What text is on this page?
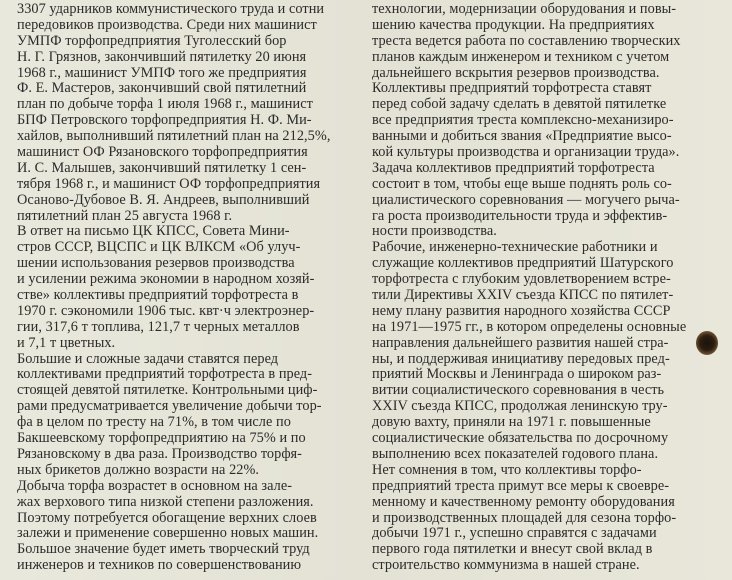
3307 ударников коммунистического труда и сотни
передовиков производства. Среди них машинист
УМПФ торфопредприятия Туголесский бор
Н. Г. Грязнов, закончивший пятилетку 20 июня
1968 г., машинист УМПФ того же предприятия
Ф. Е. Мастеров, закончивший свой пятилетний
план по добыче торфа 1 июля 1968 г., машинист
БПФ Петровского торфопредприятия Н. Ф. Ми-
хайлов, выполнивший пятилетний план на 212,5%,
машинист ОФ Рязановского торфопредприятия
И. С. Малышев, закончивший пятилетку 1 сен-
тября 1968 г., и машинист ОФ торфопредприятия
Осаново-Дубовое В. Я. Андреев, выполнивший
пятилетний план 25 августа 1968 г.
В ответ на письмо ЦК КПСС, Совета Мини-
стров СССР, ВЦСПС и ЦК ВЛКСМ «Об улуч-
шении использования резервов производства
и усилении режима экономии в народном хозяй-
стве» коллективы предприятий торфотреста в
1970 г. сэкономили 1906 тыс. квт·ч электроэнер-
гии, 317,6 т топлива, 121,7 т черных металлов
и 7,1 т цветных.
Большие и сложные задачи ставятся перед
коллективами предприятий торфотреста в пред-
стоящей девятой пятилетке. Контрольными циф-
рами предусматривается увеличение добычи тор-
фа в целом по тресту на 71%, в том числе по
Бакшеевскому торфопредприятию на 75% и по
Рязановскому в два раза. Производство торфя-
ных брикетов должно возрасти на 22%.
Добыча торфа возрастет в основном на зале-
жах верхового типа низкой степени разложения.
Поэтому потребуется обогащение верхних слоев
залежи и применение совершенно новых машин.
Большое значение будет иметь творческий труд
инженеров и техников по совершенствованию
технологии, модернизации оборудования и повы-
шению качества продукции. На предприятиях
треста ведется работа по составлению творческих
планов каждым инженером и техником с учетом
дальнейшего вскрытия резервов производства.
Коллективы предприятий торфотреста ставят
перед собой задачу сделать в девятой пятилетке
все предприятия треста комплексно-механизиро-
ванными и добиться звания «Предприятие высо-
кой культуры производства и организации труда».
Задача коллективов предприятий торфотреста
состоит в том, чтобы еще выше поднять роль со-
циалистического соревнования — могучего рыча-
га роста производительности труда и эффектив-
ности производства.
Рабочие, инженерно-технические работники и
служащие коллективов предприятий Шатурского
торфотреста с глубоким удовлетворением встре-
тили Директивы XXIV съезда КПСС по пятилет-
нему плану развития народного хозяйства СССР
на 1971—1975 гг., в котором определены основные
направления дальнейшего развития нашей стра-
ны, и поддерживая инициативу передовых пред-
приятий Москвы и Ленинграда о широком раз-
витии социалистического соревнования в честь
XXIV съезда КПСС, продолжая ленинскую тру-
довую вахту, приняли на 1971 г. повышенные
социалистические обязательства по досрочному
выполнению всех показателей годового плана.
Нет сомнения в том, что коллективы торфо-
предприятий треста примут все меры к своевре-
менному и качественному ремонту оборудования
и производственных площадей для сезона торфо-
добычи 1971 г., успешно справятся с задачами
первого года пятилетки и внесут свой вклад в
строительство коммунизма в нашей стране.
